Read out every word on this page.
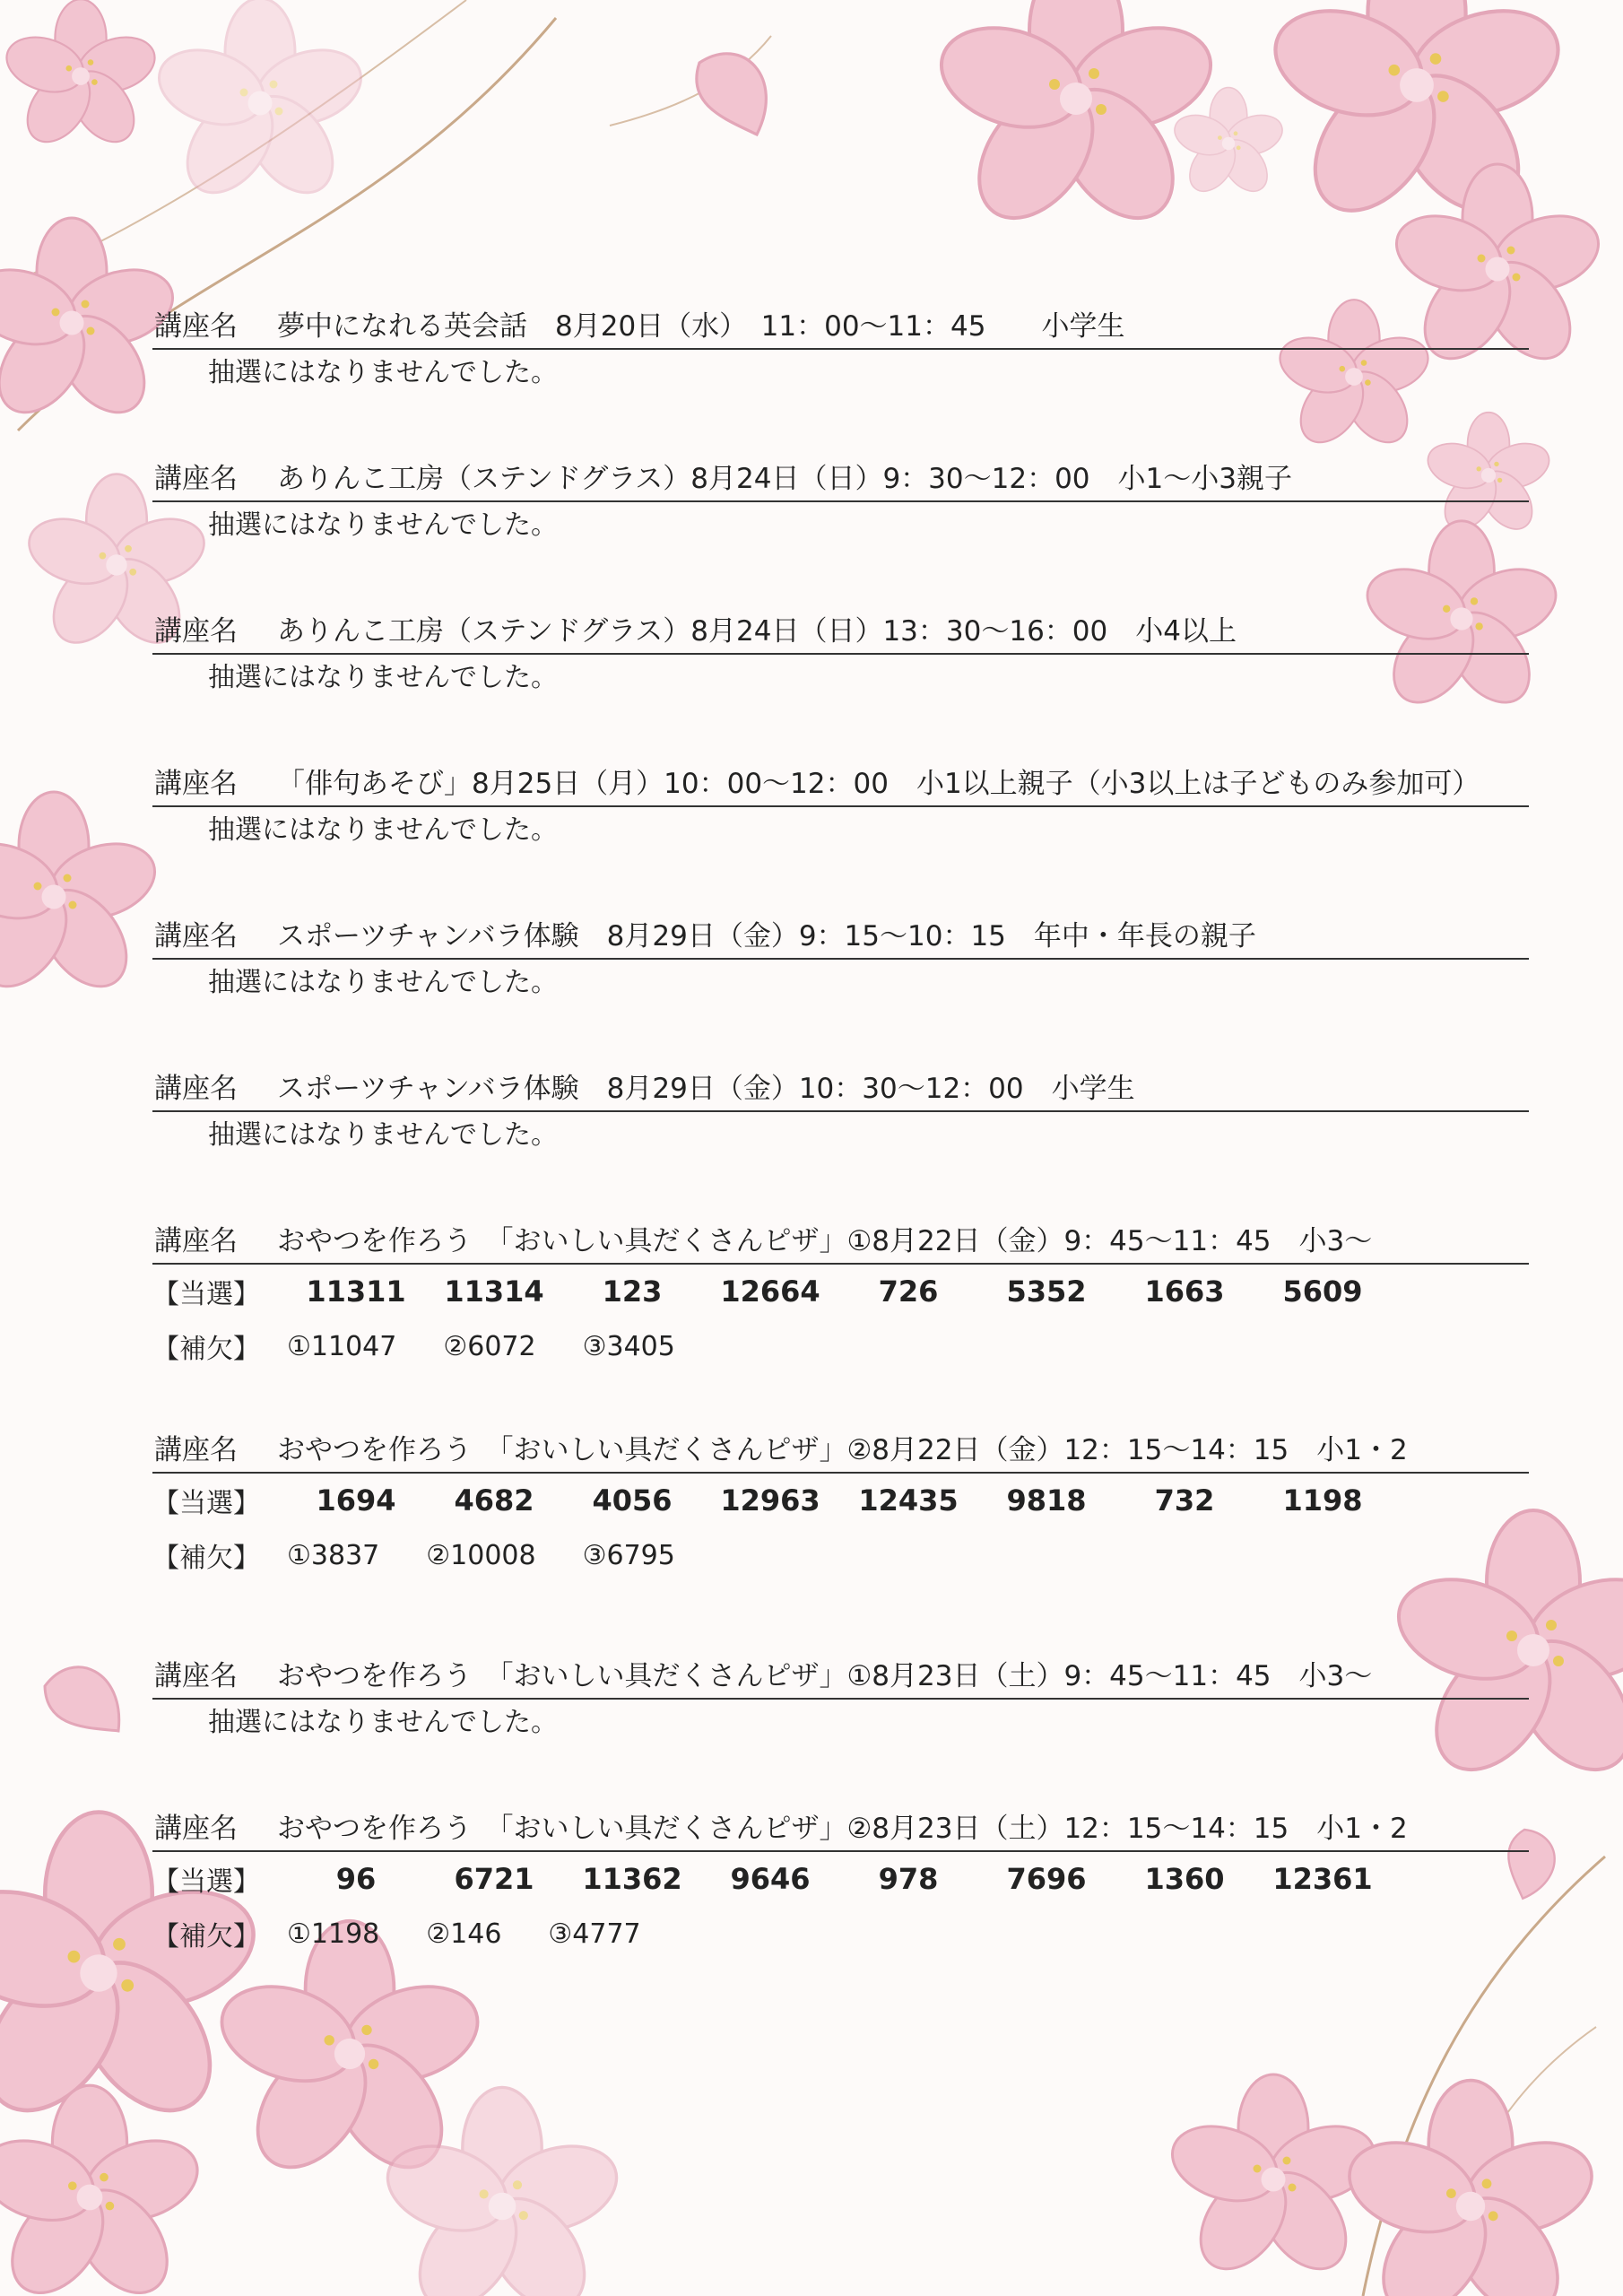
講座名 夢中になれる英会話　8月20日（水）　11：00～11：45　　小学生
抽選にはなりませんでした。
講座名 ありんこ工房（ステンドグラス）8月24日（日）9：30～12：00　小1～小3親子
抽選にはなりませんでした。
講座名 ありんこ工房（ステンドグラス）8月24日（日）13：30～16：00　小4以上
抽選にはなりませんでした。
講座名 「俳句あそび」8月25日（月）10：00～12：00　小1以上親子（小3以上は子どものみ参加可）
抽選にはなりませんでした。
講座名 スポーツチャンバラ体験　8月29日（金）9：15～10：15　年中・年長の親子
抽選にはなりませんでした。
講座名 スポーツチャンバラ体験　8月29日（金）10：30～12：00　小学生
抽選にはなりませんでした。
講座名 おやつを作ろう　「おいしい具だくさんピザ」①8月22日（金）9：45～11：45　小3～
【当選】	11311	11314	123	12664	726	5352	1663	5609
【補欠】	①11047 ②6072 ③3405
講座名 おやつを作ろう　「おいしい具だくさんピザ」②8月22日（金）12：15～14：15　小1・2
【当選】	1694	4682	4056	12963	12435	9818	732	1198
【補欠】	①3837 ②10008 ③6795
講座名 おやつを作ろう　「おいしい具だくさんピザ」①8月23日（土）9：45～11：45　小3～
抽選にはなりませんでした。
講座名 おやつを作ろう　「おいしい具だくさんピザ」②8月23日（土）12：15～14：15　小1・2
【当選】	96	6721	11362	9646	978	7696	1360	12361
【補欠】	①1198 ②146 ③4777
